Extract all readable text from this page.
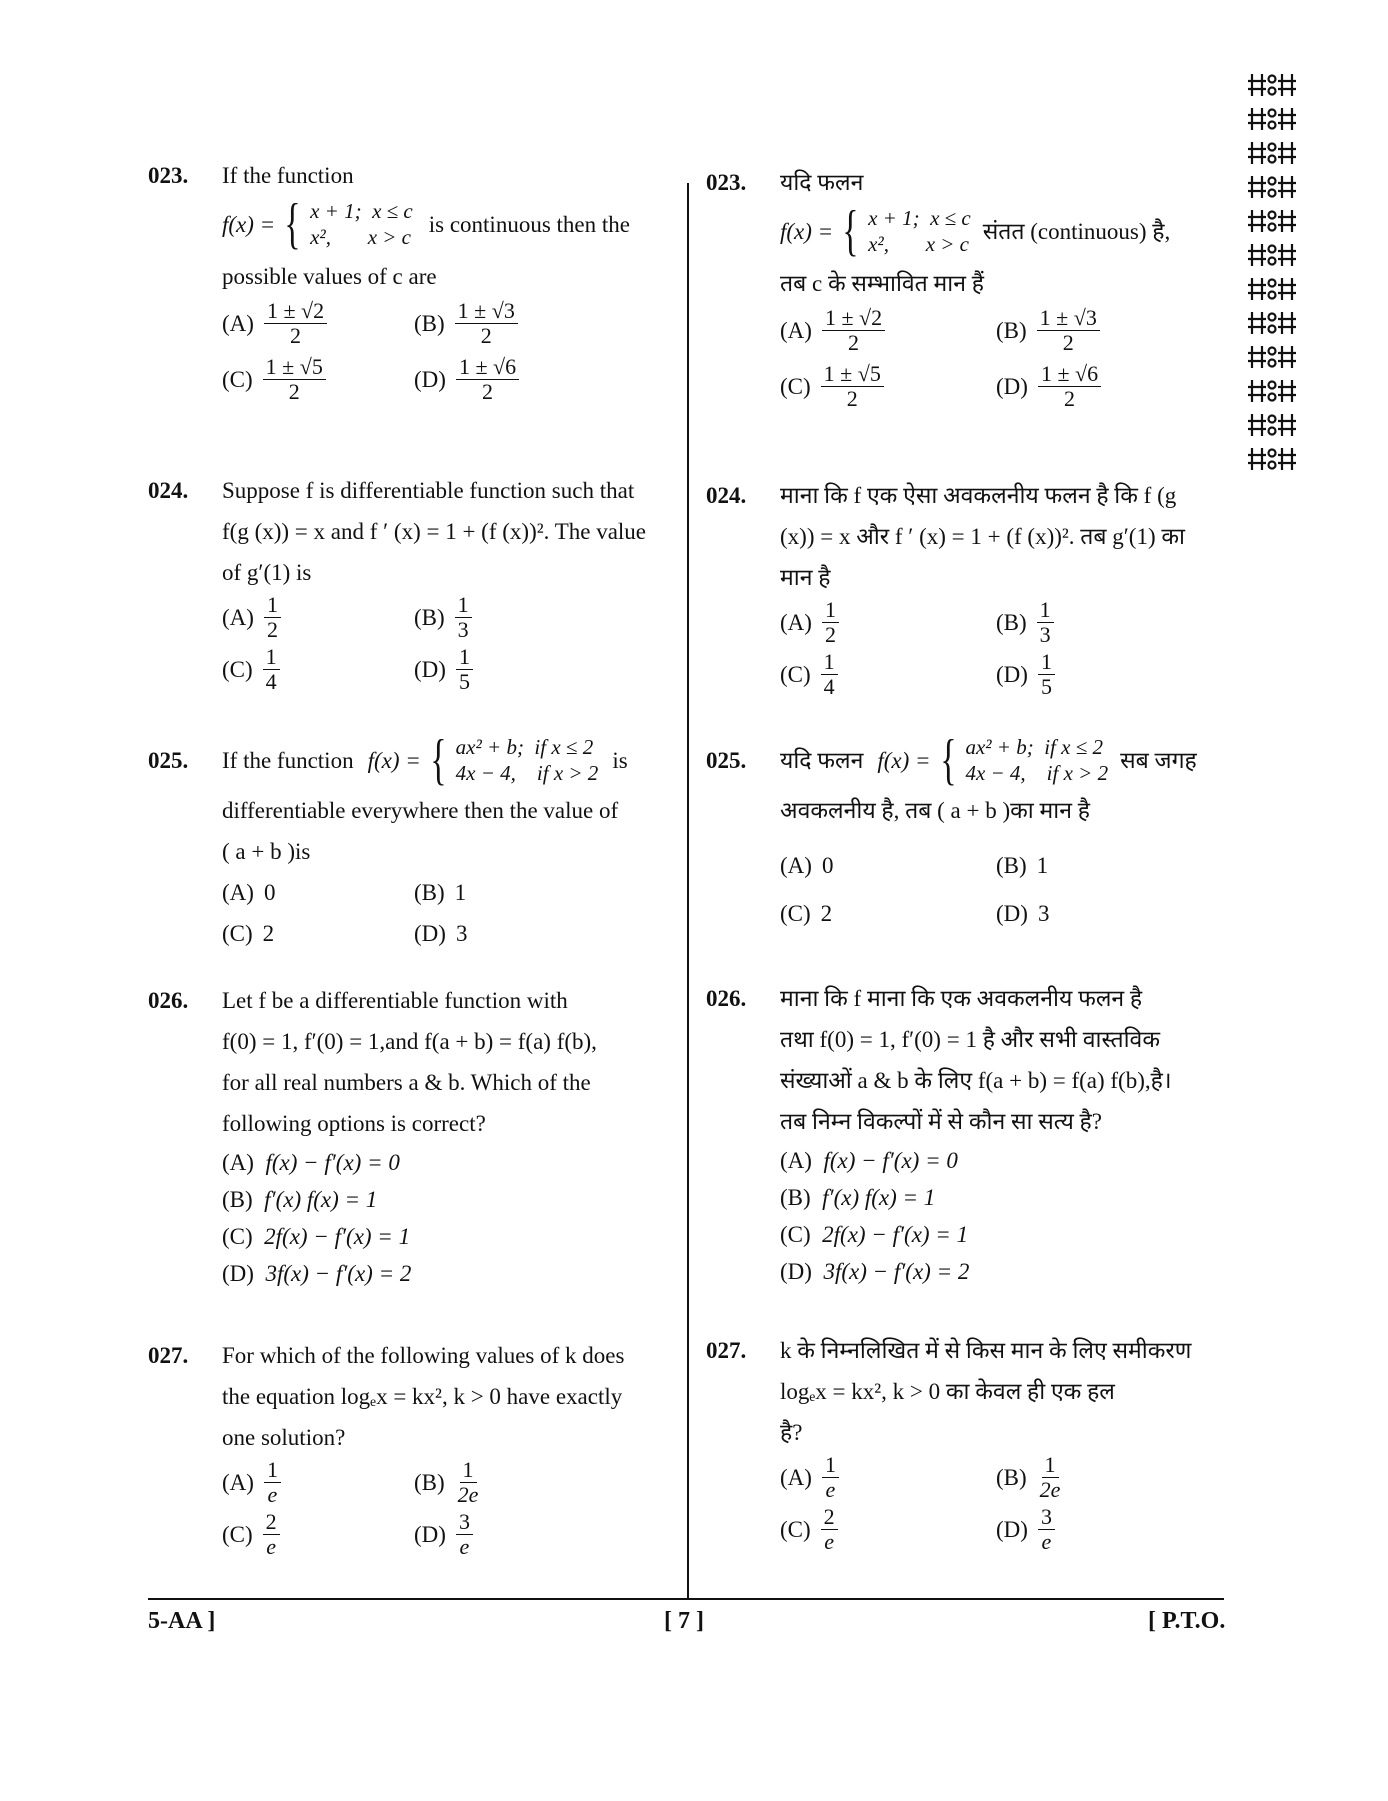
023. If the function
f(x) = { x + 1;  x ≤ c
x²,       x > c
is continuous then the
possible values of c are
$(A) \frac{1 \pm √2}{2}$	$(B) \frac{1 \pm √3}{2}$
$(C) \frac{1 \pm √5}{2}$	$(D) \frac{1 \pm √6}{2}$
024. Suppose f is differentiable function such that
f(g (x)) = x and f ′ (x) = 1 + (f (x))². The value
of g′(1) is
$(A) \frac{1}{2}$	$(B) \frac{1}{3}$
$(C) \frac{1}{4}$	$(D) \frac{1}{5}$
025. If the function f(x) = { ax² + b;  if x ≤ 2
4x − 4,    if x > 2
is
differentiable everywhere then the value of
( a + b )is
(A) 0	(B) 1
(C) 2	(D) 3
026. Let f be a differentiable function with
f(0) = 1, f′(0) = 1,and f(a + b) = f(a) f(b),
for all real numbers a & b. Which of the
following options is correct?
(A) f(x) − f′(x) = 0
(B) f′(x) f(x) = 1
(C) 2f(x) − f′(x) = 1
(D) 3f(x) − f′(x) = 2
027. For which of the following values of k does
the equation logₑx = kx², k > 0 have exactly
one solution?
$(A) \frac{1}{e}$	$(B) \frac{1}{2e}$
$(C) \frac{2}{e}$	$(D) \frac{3}{e}$
023. यदि फलन
f(x) = { x + 1;  x ≤ c
x²,       x > c
संतत (continuous) है,
तब c के सम्भावित मान हैं
$(A) \frac{1 \pm √2}{2}$	$(B) \frac{1 \pm √3}{2}$
$(C) \frac{1 \pm √5}{2}$	$(D) \frac{1 \pm √6}{2}$
024. माना कि f एक ऐसा अवकलनीय फलन है कि f (g
(x)) = x और f ′ (x) = 1 + (f (x))². तब g′(1) का
मान है
$(A) \frac{1}{2}$	$(B) \frac{1}{3}$
$(C) \frac{1}{4}$	$(D) \frac{1}{5}$
025. यदि फलन f(x) = { ax² + b;  if x ≤ 2
4x − 4,    if x > 2
सब जगह
अवकलनीय है, तब ( a + b )का मान है
(A) 0	(B) 1
(C) 2	(D) 3
026. माना कि f माना कि एक अवकलनीय फलन है
तथा f(0) = 1, f′(0) = 1 है और सभी वास्तविक
संख्याओं a & b के लिए f(a + b) = f(a) f(b),है।
तब निम्न विकल्पों में से कौन सा सत्य है?
(A) f(x) − f′(x) = 0
(B) f′(x) f(x) = 1
(C) 2f(x) − f′(x) = 1
(D) 3f(x) − f′(x) = 2
027. k के निम्नलिखित में से किस मान के लिए समीकरण
logₑx = kx², k > 0 का केवल ही एक हल
है?
$(A) \frac{1}{e}$	$(B) \frac{1}{2e}$
$(C) \frac{2}{e}$	$(D) \frac{3}{e}$
5-AA ]	[ 7 ]	[ P.T.O.
